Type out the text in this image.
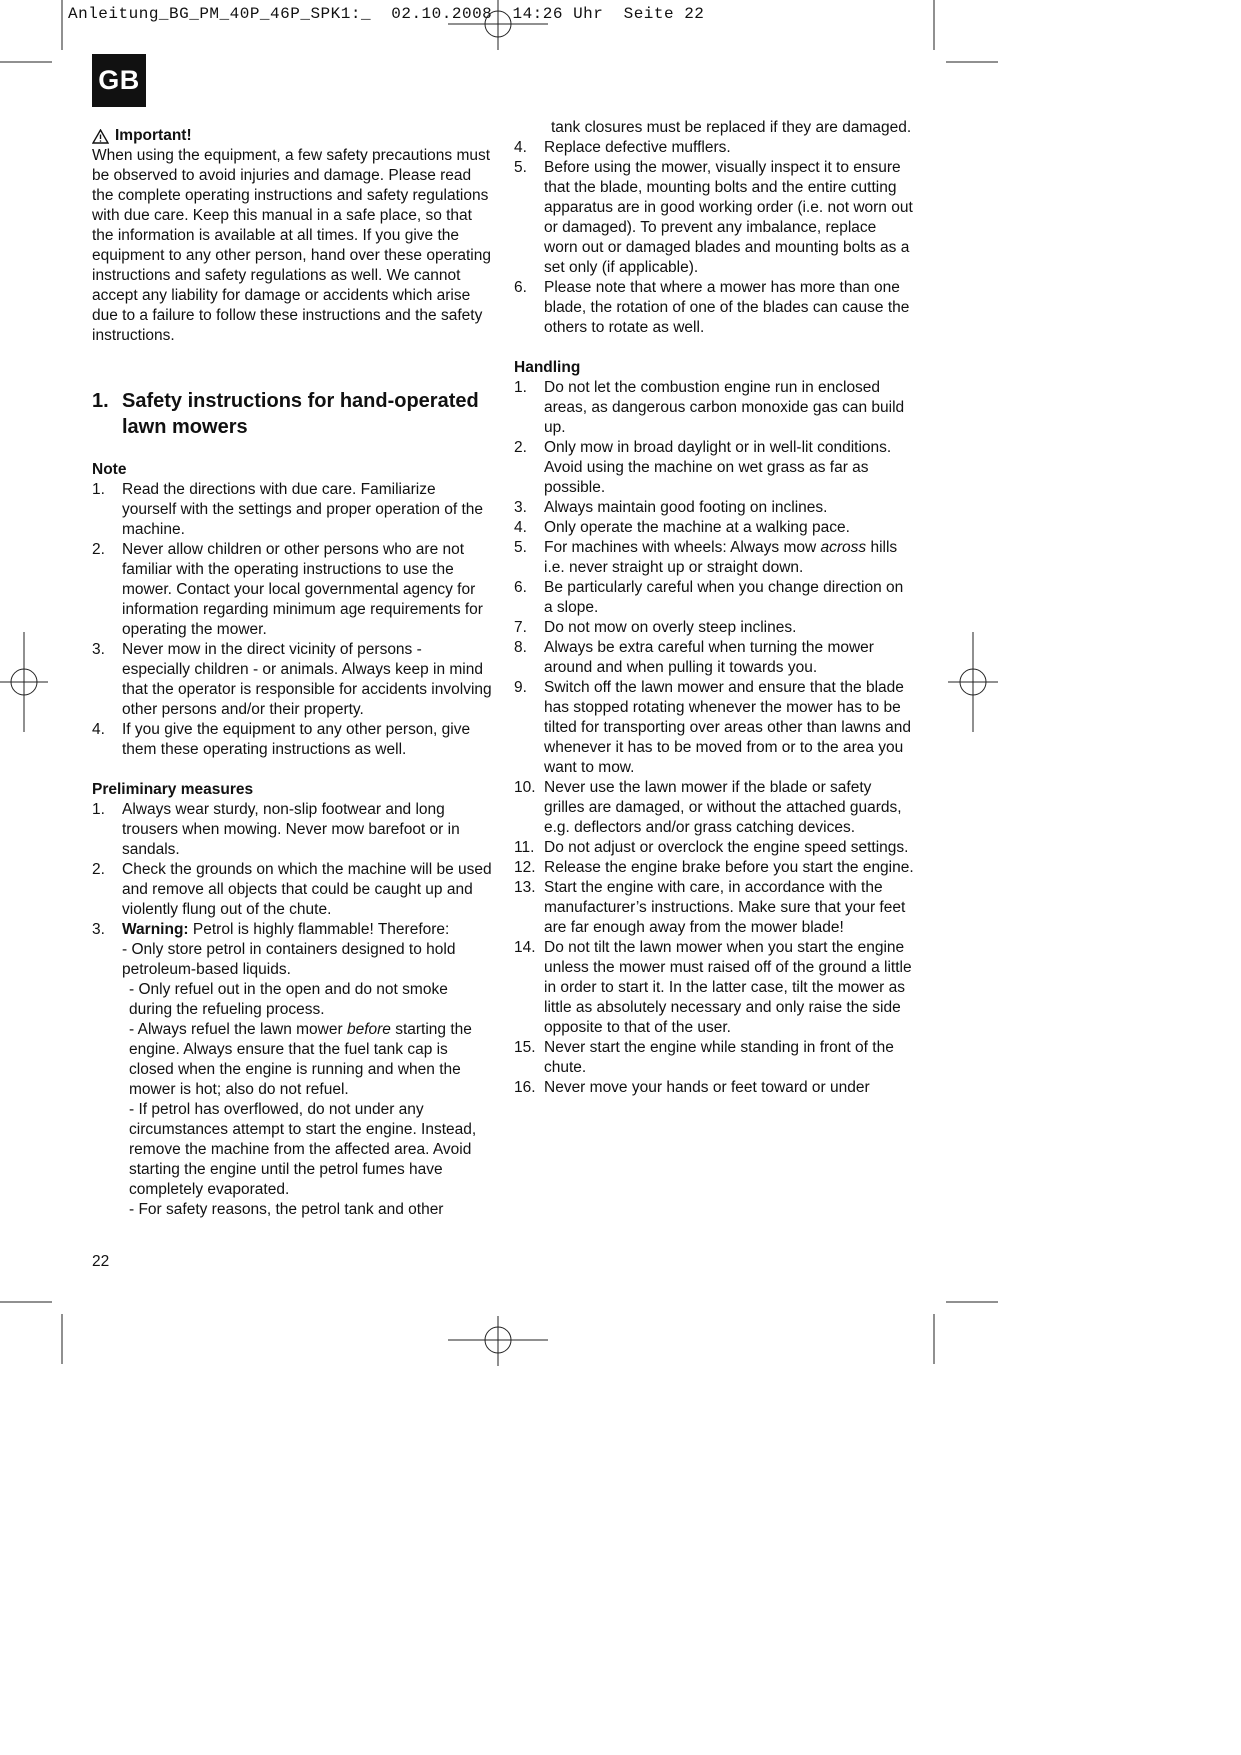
Anleitung_BG_PM_40P_46P_SPK1:_  02.10.2008  14:26 Uhr  Seite 22
GB
Important!

When using the equipment, a few safety precautions must be observed to avoid injuries and damage. Please read the complete operating instructions and safety regulations with due care. Keep this manual in a safe place, so that the information is available at all times. If you give the equipment to any other person, hand over these operating instructions and safety regulations as well. We cannot accept any liability for damage or accidents which arise due to a failure to follow these instructions and the safety instructions.

1. Safety instructions for hand-operated lawn mowers
Note
1.	Read the directions with due care. Familiarize yourself with the settings and proper operation of the machine.
2.	Never allow children or other persons who are not familiar with the operating instructions to use the mower. Contact your local governmental agency for information regarding minimum age requirements for operating the mower.
3.	Never mow in the direct vicinity of persons - especially children - or animals. Always keep in mind that the operator is responsible for accidents involving other persons and/or their property.
4.	If you give the equipment to any other person, give them these operating instructions as well.
Preliminary measures
1.	Always wear sturdy, non-slip footwear and long trousers when mowing. Never mow barefoot or in sandals.
2.	Check the grounds on which the machine will be used and remove all objects that could be caught up and violently flung out of the chute.
3.	Warning: Petrol is highly flammable! Therefore:
- Only store petrol in containers designed to hold petroleum-based liquids.
- Only refuel out in the open and do not smoke during the refueling process.
- Always refuel the lawn mower before starting the engine. Always ensure that the fuel tank cap is closed when the engine is running and when the mower is hot; also do not refuel.
- If petrol has overflowed, do not under any circumstances attempt to start the engine. Instead, remove the machine from the affected area. Avoid starting the engine until the petrol fumes have completely evaporated.
- For safety reasons, the petrol tank and other
tank closures must be replaced if they are damaged.
4.	Replace defective mufflers.
5.	Before using the mower, visually inspect it to ensure that the blade, mounting bolts and the entire cutting apparatus are in good working order (i.e. not worn out or damaged). To prevent any imbalance, replace worn out or damaged blades and mounting bolts as a set only (if applicable).
6.	Please note that where a mower has more than one blade, the rotation of one of the blades can cause the others to rotate as well.
Handling
1.	Do not let the combustion engine run in enclosed areas, as dangerous carbon monoxide gas can build up.
2.	Only mow in broad daylight or in well-lit conditions. Avoid using the machine on wet grass as far as possible.
3.	Always maintain good footing on inclines.
4.	Only operate the machine at a walking pace.
5.	For machines with wheels: Always mow across hills i.e. never straight up or straight down.
6.	Be particularly careful when you change direction on a slope.
7.	Do not mow on overly steep inclines.
8.	Always be extra careful when turning the mower around and when pulling it towards you.
9.	Switch off the lawn mower and ensure that the blade has stopped rotating whenever the mower has to be tilted for transporting over areas other than lawns and whenever it has to be moved from or to the area you want to mow.
10. Never use the lawn mower if the blade or safety grilles are damaged, or without the attached guards, e.g. deflectors and/or grass catching devices.
11. Do not adjust or overclock the engine speed settings.
12. Release the engine brake before you start the engine.
13. Start the engine with care, in accordance with the manufacturer’s instructions. Make sure that your feet are far enough away from the mower blade!
14. Do not tilt the lawn mower when you start the engine unless the mower must raised off of the ground a little in order to start it. In the latter case, tilt the mower as little as absolutely necessary and only raise the side opposite to that of the user.
15. Never start the engine while standing in front of the chute.
16. Never move your hands or feet toward or under
22
